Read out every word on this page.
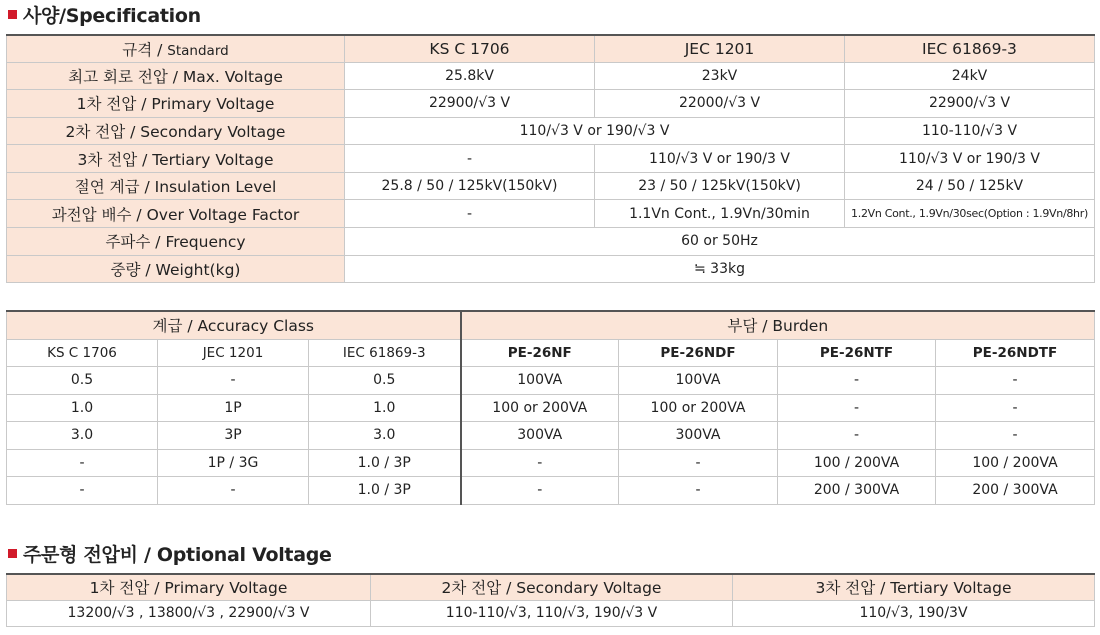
사양/Specification
규격 / Standard	KS C 1706	JEC 1201	IEC 61869-3
최고 회로 전압 / Max. Voltage	25.8kV	23kV	24kV
1차 전압 / Primary Voltage	22900/√3 V	22000/√3 V	22900/√3 V
2차 전압 / Secondary Voltage	110/√3 V or 190/√3 V		110-110/√3 V
3차 전압 / Tertiary Voltage	-	110/√3 V or 190/3 V	110/√3 V or 190/3 V
절연 계급 / Insulation Level	25.8 / 50 / 125kV(150kV)	23 / 50 / 125kV(150kV)	24 / 50 / 125kV
과전압 배수 / Over Voltage Factor	-	1.1Vn Cont., 1.9Vn/30min	1.2Vn Cont., 1.9Vn/30sec(Option : 1.9Vn/8hr)
주파수 / Frequency	60 or 50Hz		
중량 / Weight(kg)	≒ 33kg		
계급 / Accuracy Class			부담 / Burden			
KS C 1706	JEC 1201	IEC 61869-3	PE-26NF	PE-26NDF	PE-26NTF	PE-26NDTF
0.5	-	0.5	100VA	100VA	-	-
1.0	1P	1.0	100 or 200VA	100 or 200VA	-	-
3.0	3P	3.0	300VA	300VA	-	-
-	1P / 3G	1.0 / 3P	-	-	100 / 200VA	100 / 200VA
-	-	1.0 / 3P	-	-	200 / 300VA	200 / 300VA
주문형 전압비 / Optional Voltage
1차 전압 / Primary Voltage	2차 전압 / Secondary Voltage	3차 전압 / Tertiary Voltage
13200/√3 , 13800/√3 , 22900/√3 V	110-110/√3, 110/√3, 190/√3 V	110/√3, 190/3V
